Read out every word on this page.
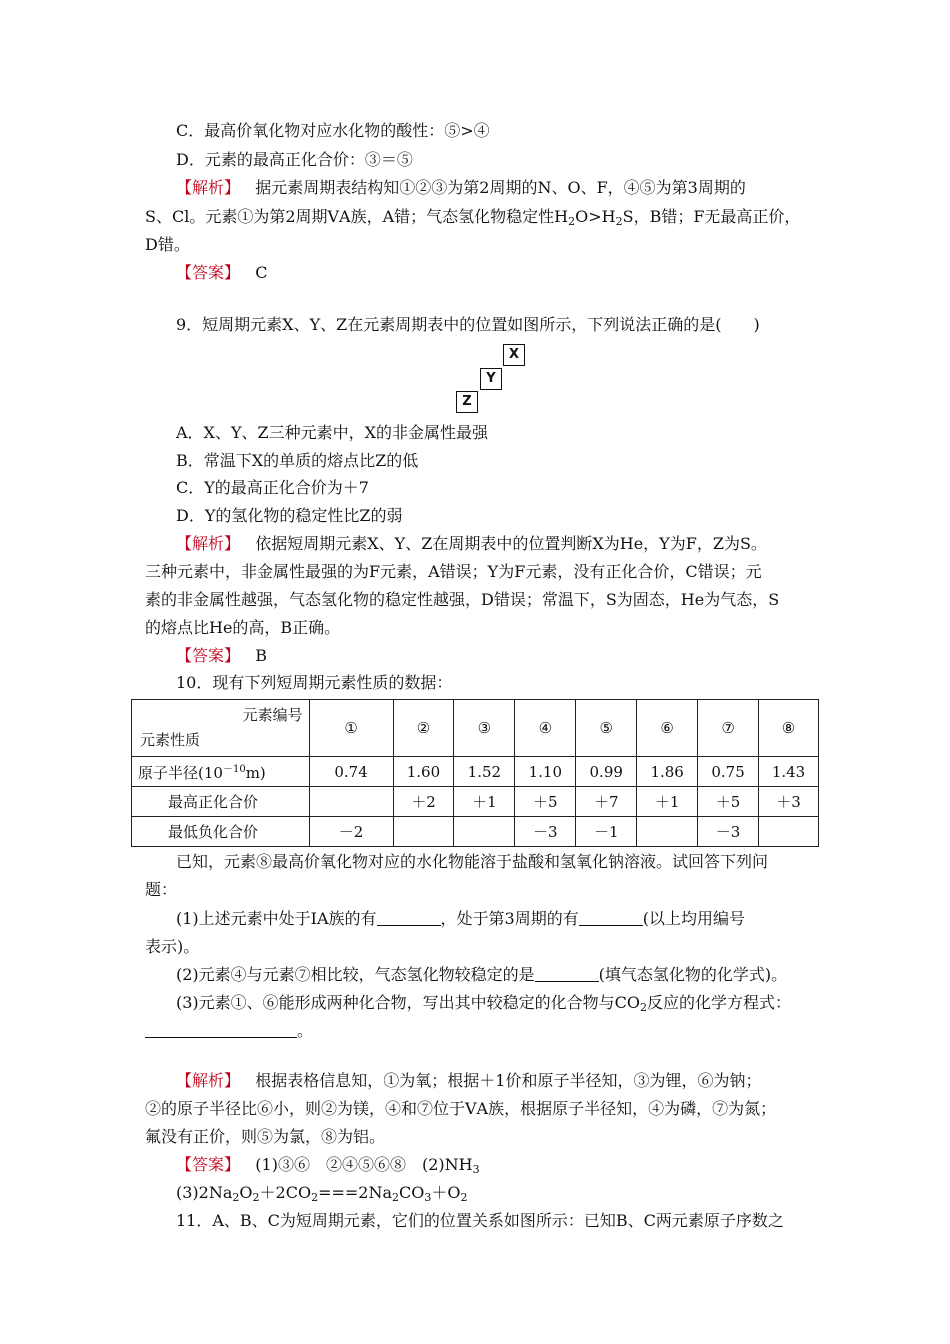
C．最高价氧化物对应水化物的酸性：⑤>④
D．元素的最高正化合价：③＝⑤
【解析】 据元素周期表结构知①②③为第2周期的N、O、F，④⑤为第3周期的
S、Cl。元素①为第2周期ⅤA族，A错；气态氢化物稳定性$H_2O>H_2S$，B错；F无最高正价，
D错。
【答案】 C
9．短周期元素X、Y、Z在元素周期表中的位置如图所示，下列说法正确的是(　　)
X
Y
Z
A．X、Y、Z三种元素中，X的非金属性最强
B．常温下X的单质的熔点比Z的低
C．Y的最高正化合价为＋7
D．Y的氢化物的稳定性比Z的弱
【解析】 依据短周期元素X、Y、Z在周期表中的位置判断X为He，Y为F，Z为S。
三种元素中，非金属性最强的为F元素，A错误；Y为F元素，没有正化合价，C错误；元
素的非金属性越强，气态氢化物的稳定性越强，D错误；常温下，S为固态，He为气态，S
的熔点比He的高，B正确。
【答案】 B
10．现有下列短周期元素性质的数据：
元素编号
元素性质	①	②	③	④	⑤	⑥	⑦	⑧
原子半径$(10^{-10}m)$	0.74	1.60	1.52	1.10	0.99	1.86	0.75	1.43
最高正化合价		＋2	＋1	＋5	＋7	＋1	＋5	＋3
最低负化合价	－2			－3	－1		－3	
已知，元素⑧最高价氧化物对应的水化物能溶于盐酸和氢氧化钠溶液。试回答下列问
题：
(1)上述元素中处于ⅠA族的有	，处于第3周期的有	(以上均用编号
表示)。
(2)元素④与元素⑦相比较，气态氢化物较稳定的是	(填气态氢化物的化学式)。
(3)元素①、⑥能形成两种化合物，写出其中较稳定的化合物与$CO_2$反应的化学方程式：
。
【解析】 根据表格信息知，①为氧；根据＋1价和原子半径知，③为锂，⑥为钠；
②的原子半径比⑥小，则②为镁，④和⑦位于ⅤA族，根据原子半径知，④为磷，⑦为氮；
氟没有正价，则⑤为氯，⑧为铝。
【答案】 (1)③⑥　②④⑤⑥⑧　$(2)NH_3$
$(3)2Na_2O_2+2CO_2===2Na_2CO_3+O_2$
11．A、B、C为短周期元素，它们的位置关系如图所示：已知B、C两元素原子序数之
